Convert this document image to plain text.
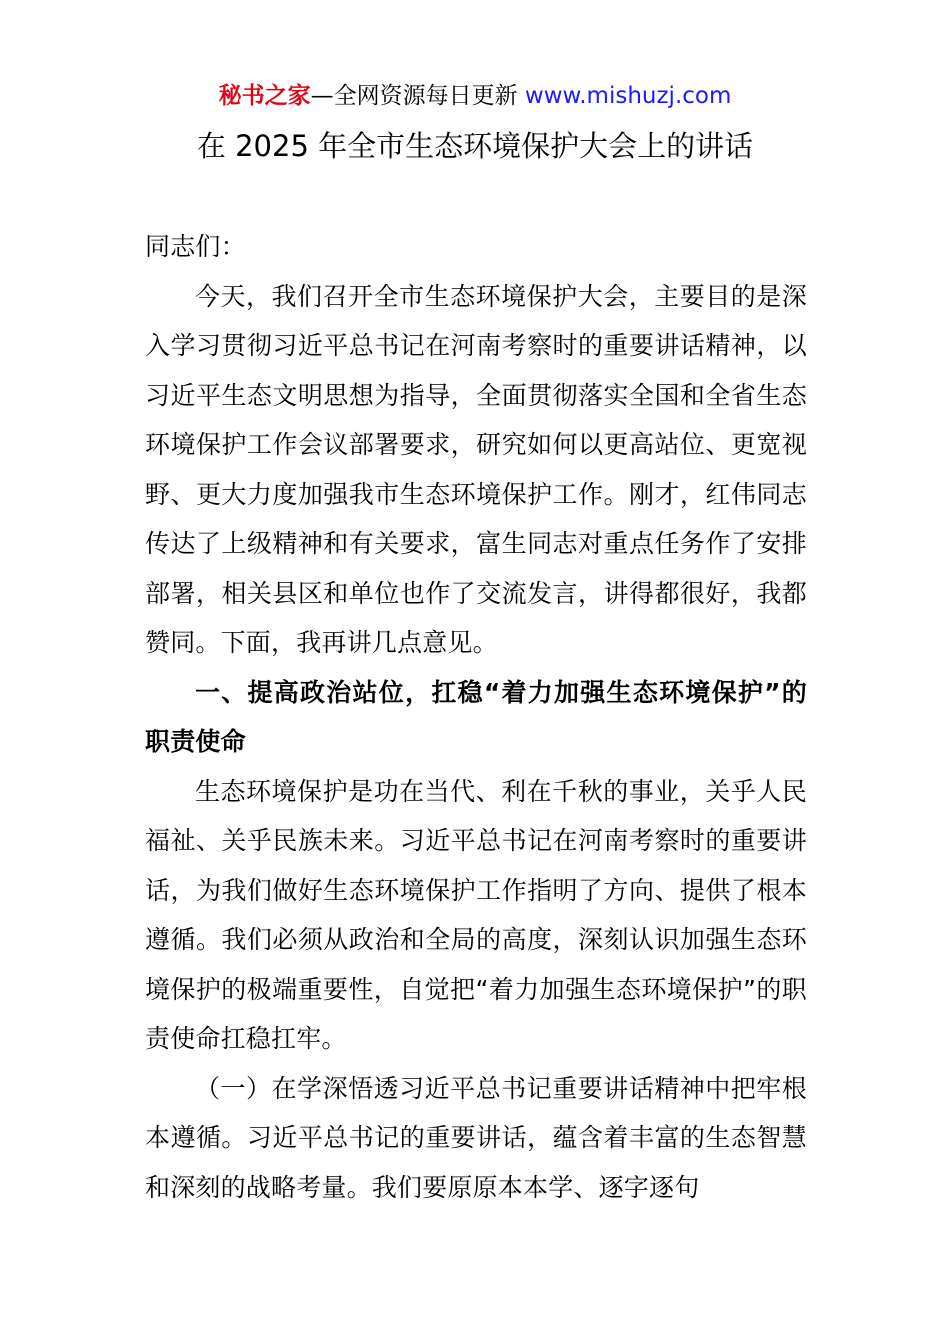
秘书之家—全网资源每日更新 www.mishuzj.com
在 2025 年全市生态环境保护大会上的讲话

同志们：

今天，我们召开全市生态环境保护大会，主要目的是深入学习贯彻习近平总书记在河南考察时的重要讲话精神，以习近平生态文明思想为指导，全面贯彻落实全国和全省生态环境保护工作会议部署要求，研究如何以更高站位、更宽视野、更大力度加强我市生态环境保护工作。刚才，红伟同志传达了上级精神和有关要求，富生同志对重点任务作了安排部署，相关县区和单位也作了交流发言，讲得都很好，我都赞同。下面，我再讲几点意见。

一、提高政治站位，扛稳“着力加强生态环境保护”的职责使命

生态环境保护是功在当代、利在千秋的事业，关乎人民福祉、关乎民族未来。习近平总书记在河南考察时的重要讲话，为我们做好生态环境保护工作指明了方向、提供了根本遵循。我们必须从政治和全局的高度，深刻认识加强生态环境保护的极端重要性，自觉把“着力加强生态环境保护”的职责使命扛稳扛牢。

（一）在学深悟透习近平总书记重要讲话精神中把牢根本遵循。习近平总书记的重要讲话，蕴含着丰富的生态智慧和深刻的战略考量。我们要原原本本学、逐字逐句
